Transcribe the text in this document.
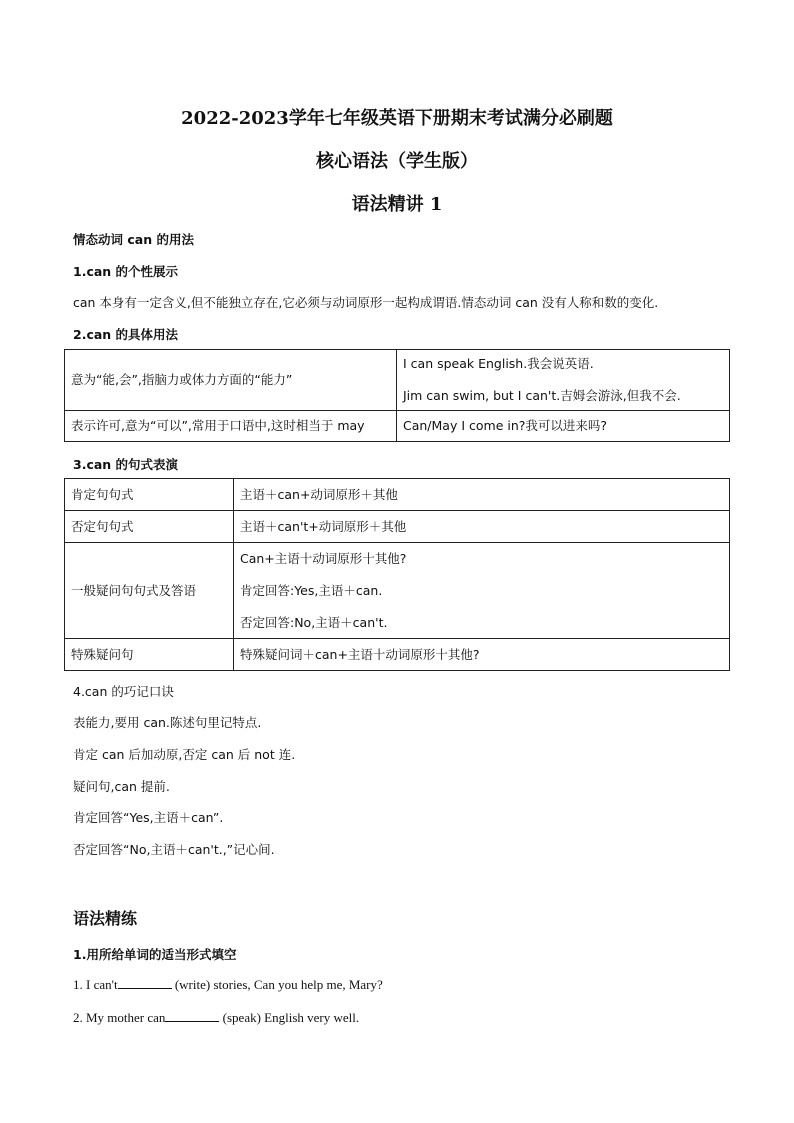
2022-2023学年七年级英语下册期末考试满分必刷题
核心语法（学生版）
语法精讲 1
情态动词 can 的用法
1.can 的个性展示
can 本身有一定含义,但不能独立存在,它必须与动词原形一起构成谓语.情态动词 can 没有人称和数的变化.
2.can 的具体用法

意为“能,会”,指脑力或体力方面的“能力”	I can speak English.我会说英语.

Jim can swim, but I can't.吉姆会游泳,但我不会.

表示许可,意为“可以”,常用于口语中,这时相当于 may	Can/May I come in?我可以进来吗?

3.can 的句式表演

肯定句句式	主语＋can+动词原形＋其他

否定句句式	主语＋can't+动词原形＋其他

一般疑问句句式及答语	Can+主语十动词原形十其他?

肯定回答:Yes,主语＋can.

否定回答:No,主语＋can't.

特殊疑问句	特殊疑问词＋can+主语十动词原形十其他?

4.can 的巧记口诀
表能力,要用 can.陈述句里记特点.
肯定 can 后加动原,否定 can 后 not 连.
疑问句,can 提前.
肯定回答“Yes,主语＋can”.
否定回答“No,主语＋can't.,”记心间.
语法精练
1.用所给单词的适当形式填空
1. I can't	(write) stories, Can you help me, Mary?
2. My mother can	(speak) English very well.
